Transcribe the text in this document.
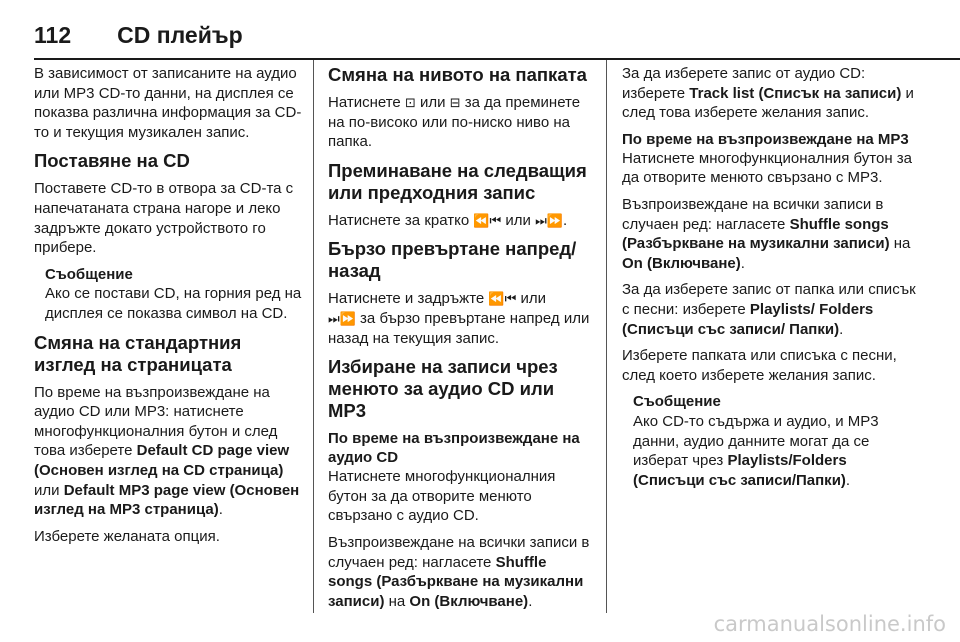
112 CD плейър

В зависимост от записаните на аудио или MP3 CD-то данни, на дисплея се показва различна информация за CD-то и текущия музикален запис.

Поставяне на CD

Поставете CD-то в отвора за CD-та с напечатаната страна нагоре и леко задръжте докато устройството го прибере.

Съобщение
Ако се постави CD, на горния ред на дисплея се показва символ на CD.
Смяна на стандартния изглед на страницата

По време на възпроизвеждане на аудио CD или MP3: натиснете многофункционалния бутон и след това изберете Default CD page view (Основен изглед на CD страница) или Default MP3 page view (Основен изглед на MP3 страница).

Изберете желаната опция.

Смяна на нивото на папката

Натиснете ⊡ или ⊟ за да преминете на по-високо или по-ниско ниво на папка.

Преминаване на следващия или предходния запис

Натиснете за кратко ⏪⏮ или ⏭⏩.

Бързо превъртане напред/назад

Натиснете и задръжте ⏪⏮ или
⏭⏩ за бързо превъртане напред или назад на текущия запис.

Избиране на записи чрез менюто за аудио CD или MP3
По време на възпроизвеждане на аудио CD

Натиснете многофункционалния бутон за да отворите менюто свързано с аудио CD.

Възпроизвеждане на всички записи в случаен ред: нагласете Shuffle songs (Разбъркване на музикални записи) на On (Включване).

За да изберете запис от аудио CD: изберете Track list (Списък на записи) и след това изберете желания запис.

По време на възпроизвеждане на MP3

Натиснете многофункционалния бутон за да отворите менюто свързано с MP3.

Възпроизвеждане на всички записи в случаен ред: нагласете Shuffle songs (Разбъркване на музикални записи) на On (Включване).

За да изберете запис от папка или списък с песни: изберете Playlists/ Folders (Списъци със записи/ Папки).

Изберете папката или списъка с песни, след което изберете желания запис.

Съобщение
Ако CD-то съдържа и аудио, и MP3 данни, аудио данните могат да се изберат чрез Playlists/Folders (Списъци със записи/Папки).
carmanualsonline.info
